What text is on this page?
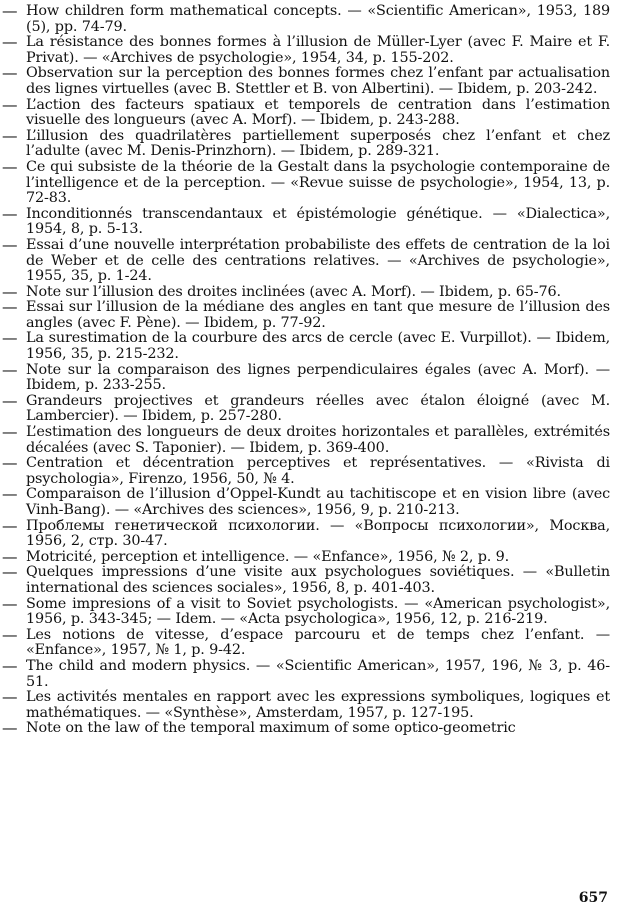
— How children form mathematical concepts. — «Scientific American», 1953, 189 (5), pp. 74-79.
— La résistance des bonnes formes à l’illusion de Müller-Lyer (avec F. Maire et F. Privat). — «Archives de psychologie», 1954, 34, p. 155-202.
— Observation sur la perception des bonnes formes chez l’enfant par actualisation des lignes virtuelles (avec B. Stettler et B. von Albertini). — Ibidem, p. 203-242.
— L’action des facteurs spatiaux et temporels de centration dans l’estimation visuelle des longueurs (avec A. Morf). — Ibidem, p. 243-288.
— L’illusion des quadrilatères partiellement superposés chez l’enfant et chez l’adulte (avec M. Denis-Prinzhorn). — Ibidem, p. 289-321.
— Ce qui subsiste de la théorie de la Gestalt dans la psychologie contemporaine de l’intelligence et de la perception. — «Revue suisse de psychologie», 1954, 13, p. 72-83.
— Inconditionnés transcendantaux et épistémologie génétique. — «Dialectica», 1954, 8, p. 5-13.
— Essai d’une nouvelle interprétation probabiliste des effets de centration de la loi de Weber et de celle des centrations relatives. — «Archives de psychologie», 1955, 35, p. 1-24.
— Note sur l’illusion des droites inclinées (avec A. Morf). — Ibidem, p. 65-76.
— Essai sur l’illusion de la médiane des angles en tant que mesure de l’illusion des angles (avec F. Pène). — Ibidem, p. 77-92.
— La surestimation de la courbure des arcs de cercle (avec E. Vurpillot). — Ibidem, 1956, 35, p. 215-232.
— Note sur la comparaison des lignes perpendiculaires égales (avec A. Morf). — Ibidem, p. 233-255.
— Grandeurs projectives et grandeurs réelles avec étalon éloigné (avec M. Lambercier). — Ibidem, p. 257-280.
— L’estimation des longueurs de deux droites horizontales et parallèles, extrémités décalées (avec S. Taponier). — Ibidem, p. 369-400.
— Centration et décentration perceptives et représentatives. — «Rivista di psychologia», Firenzo, 1956, 50, № 4.
— Comparaison de l’illusion d’Oppel-Kundt au tachitiscope et en vision libre (avec Vinh-Bang). — «Archives des sciences», 1956, 9, p. 210-213.
— Проблемы генетической психологии. — «Вопросы психологии», Москва, 1956, 2, стр. 30-47.
— Motricité, perception et intelligence. — «Enfance», 1956, № 2, p. 9.
— Quelques impressions d’une visite aux psychologues soviétiques. — «Bulletin international des sciences sociales», 1956, 8, p. 401-403.
— Some impresions of a visit to Soviet psychologists. — «American psychologist», 1956, p. 343-345; — Idem. — «Acta psychologica», 1956, 12, p. 216-219.
— Les notions de vitesse, d’espace parcouru et de temps chez l’enfant. — «Enfance», 1957, № 1, p. 9-42.
— The child and modern physics. — «Scientific American», 1957, 196, № 3, p. 46-51.
— Les activités mentales en rapport avec les expressions symboliques, logiques et mathématiques. — «Synthèse», Amsterdam, 1957, p. 127-195.
— Note on the law of the temporal maximum of some optico-geometric
657
